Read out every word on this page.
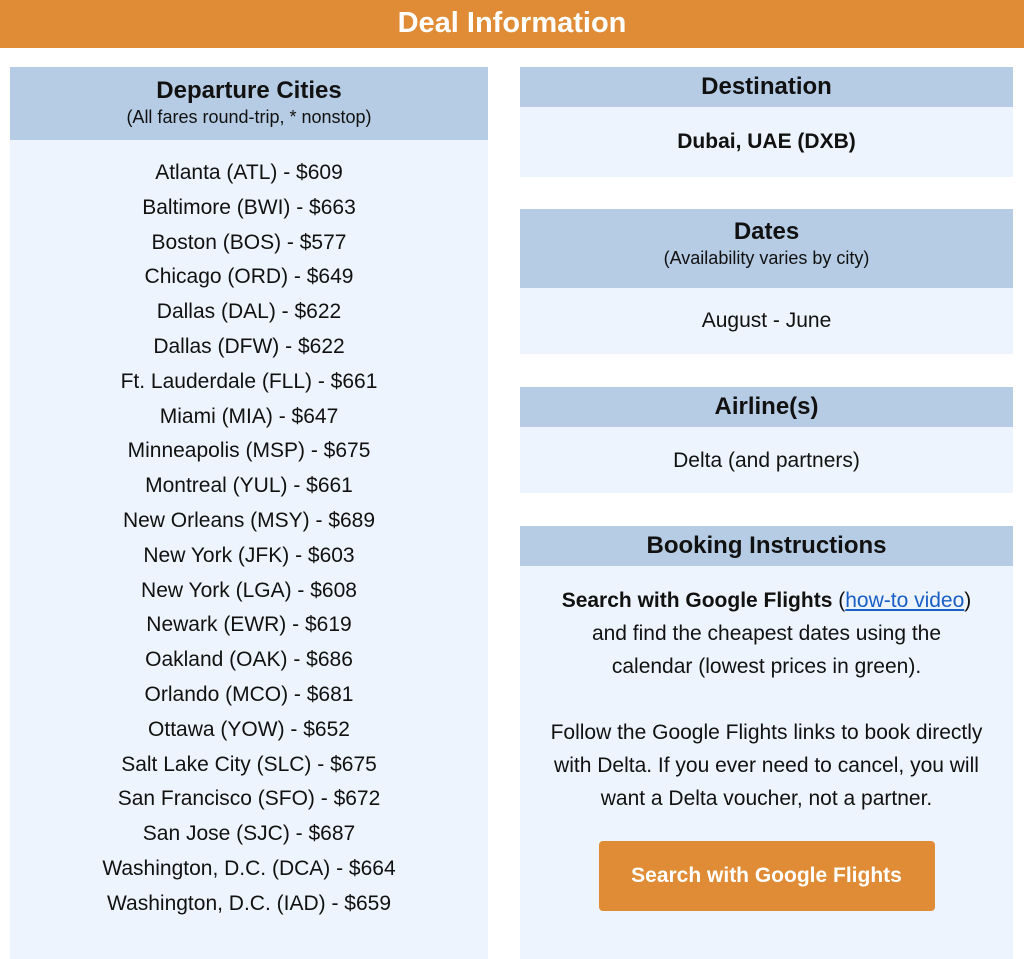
Deal Information
Departure Cities
(All fares round-trip, * nonstop)
Atlanta (ATL) - $609
Baltimore (BWI) - $663
Boston (BOS) - $577
Chicago (ORD) - $649
Dallas (DAL) - $622
Dallas (DFW) - $622
Ft. Lauderdale (FLL) - $661
Miami (MIA) - $647
Minneapolis (MSP) - $675
Montreal (YUL) - $661
New Orleans (MSY) - $689
New York (JFK) - $603
New York (LGA) - $608
Newark (EWR) - $619
Oakland (OAK) - $686
Orlando (MCO) - $681
Ottawa (YOW) - $652
Salt Lake City (SLC) - $675
San Francisco (SFO) - $672
San Jose (SJC) - $687
Washington, D.C. (DCA) - $664
Washington, D.C. (IAD) - $659
Destination
Dubai, UAE (DXB)
Dates
(Availability varies by city)
August - June
Airline(s)
Delta (and partners)
Booking Instructions

Search with Google Flights (how-to video) and find the cheapest dates using the calendar (lowest prices in green).

Follow the Google Flights links to book directly with Delta. If you ever need to cancel, you will want a Delta voucher, not a partner.

Search with Google Flights
